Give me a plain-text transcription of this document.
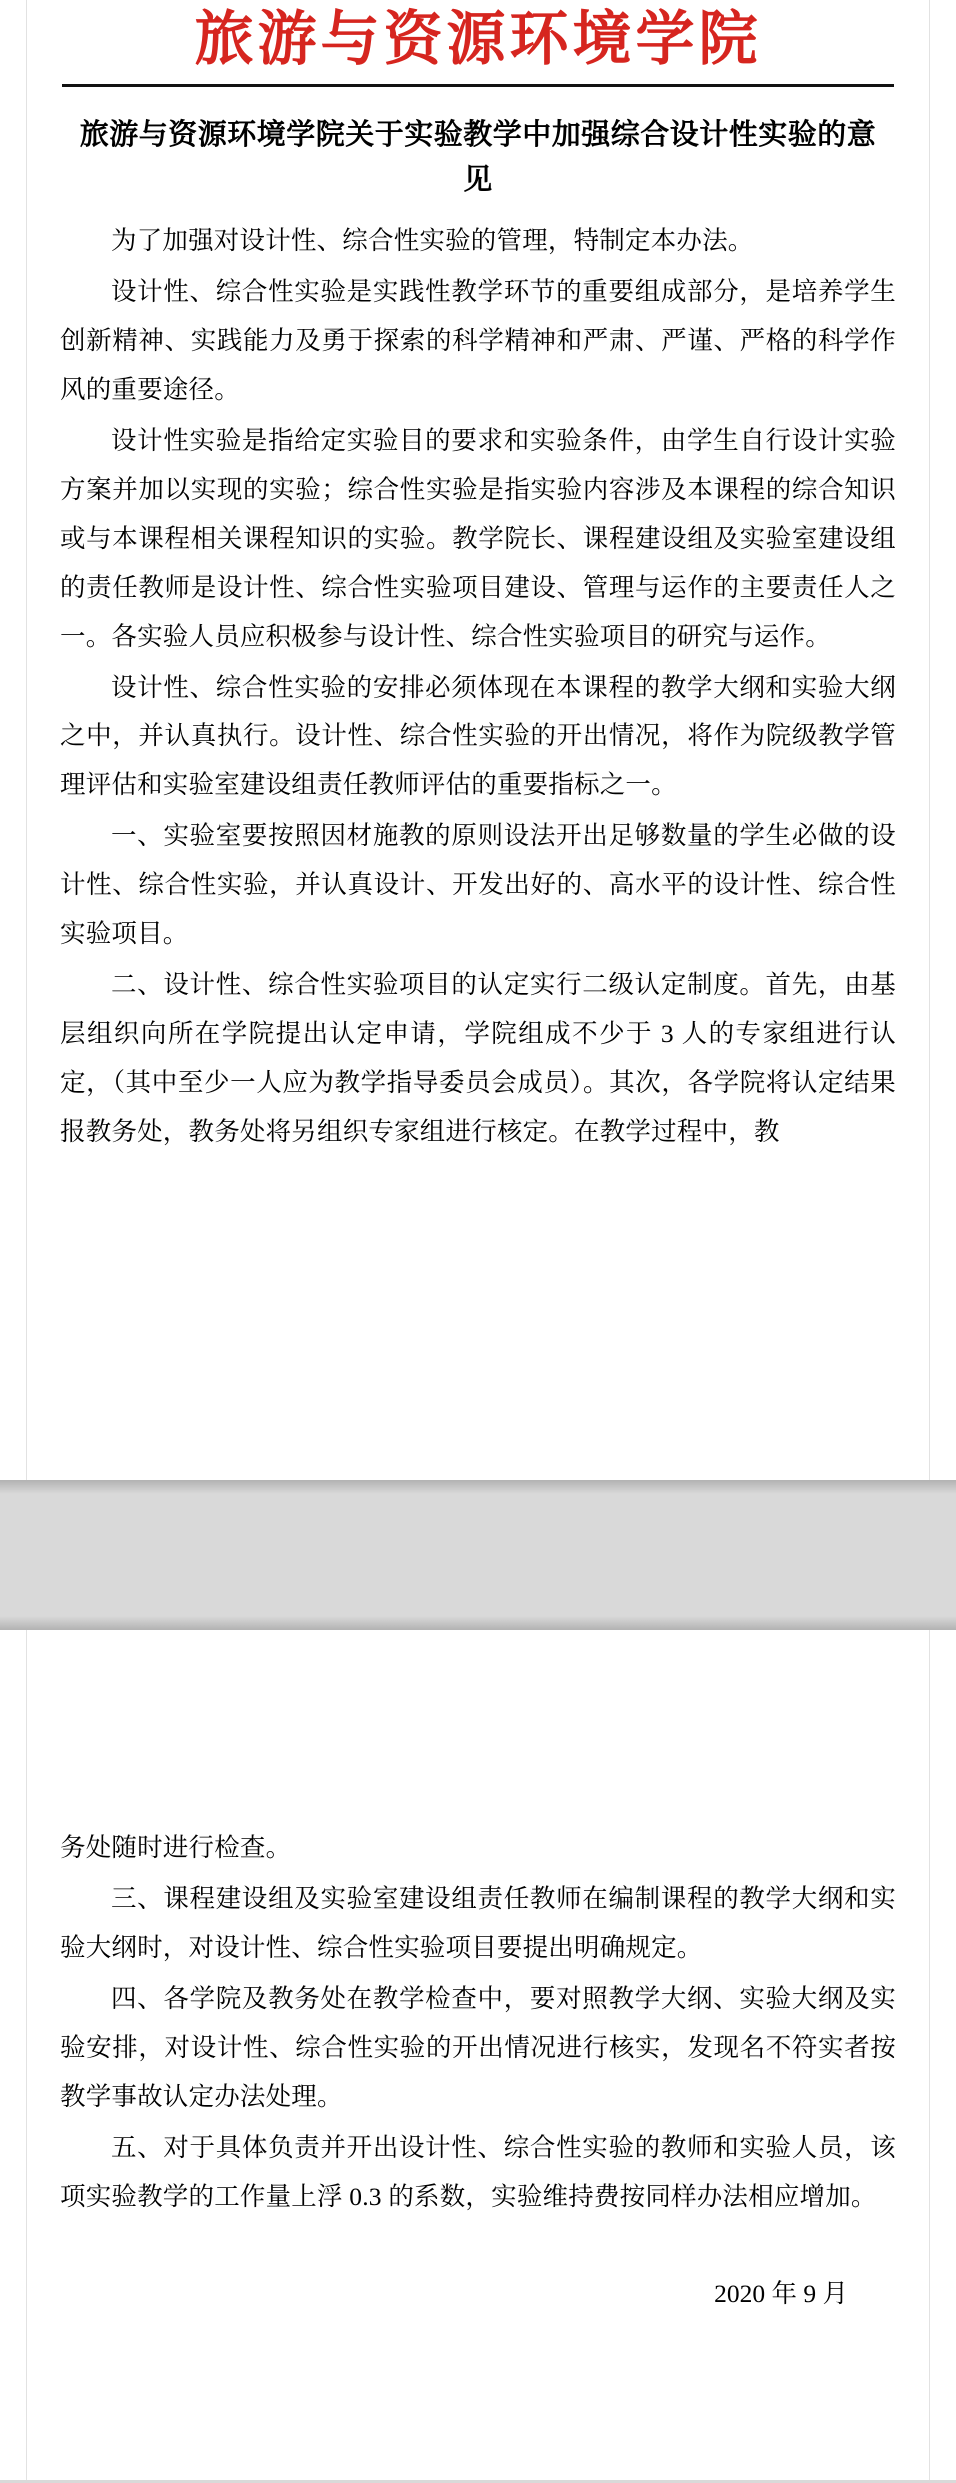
旅游与资源环境学院
旅游与资源环境学院关于实验教学中加强综合设计性实验的意见

为了加强对设计性、综合性实验的管理，特制定本办法。

设计性、综合性实验是实践性教学环节的重要组成部分，是培养学生创新精神、实践能力及勇于探索的科学精神和严肃、严谨、严格的科学作风的重要途径。

设计性实验是指给定实验目的要求和实验条件，由学生自行设计实验方案并加以实现的实验；综合性实验是指实验内容涉及本课程的综合知识或与本课程相关课程知识的实验。教学院长、课程建设组及实验室建设组的责任教师是设计性、综合性实验项目建设、管理与运作的主要责任人之一。各实验人员应积极参与设计性、综合性实验项目的研究与运作。

设计性、综合性实验的安排必须体现在本课程的教学大纲和实验大纲之中，并认真执行。设计性、综合性实验的开出情况，将作为院级教学管理评估和实验室建设组责任教师评估的重要指标之一。

一、实验室要按照因材施教的原则设法开出足够数量的学生必做的设计性、综合性实验，并认真设计、开发出好的、高水平的设计性、综合性实验项目。

二、设计性、综合性实验项目的认定实行二级认定制度。首先，由基层组织向所在学院提出认定申请，学院组成不少于 3 人的专家组进行认定，（其中至少一人应为教学指导委员会成员）。其次，各学院将认定结果报教务处，教务处将另组织专家组进行核定。在教学过程中，教

务处随时进行检查。

三、课程建设组及实验室建设组责任教师在编制课程的教学大纲和实验大纲时，对设计性、综合性实验项目要提出明确规定。

四、各学院及教务处在教学检查中，要对照教学大纲、实验大纲及实验安排，对设计性、综合性实验的开出情况进行核实，发现名不符实者按教学事故认定办法处理。

五、对于具体负责并开出设计性、综合性实验的教师和实验人员，该项实验教学的工作量上浮 0.3 的系数，实验维持费按同样办法相应增加。

2020 年 9 月
